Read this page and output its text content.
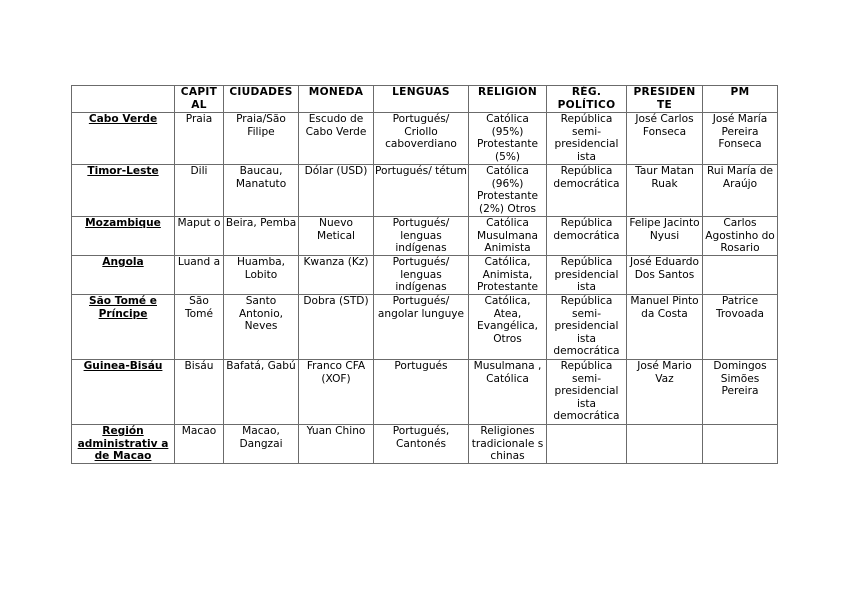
	CAPIT AL	CIUDADES	MONEDA	LENGUAS	RELIGIÓN	RÉG. POLÍTICO	PRESIDEN TE	PM
Cabo Verde	Praia	Praia/São Filipe	Escudo de Cabo Verde	Portugués/ Criollo caboverdiano	Católica (95%) Protestante (5%)	República semi-presidencial ista	José Carlos Fonseca	José María Pereira Fonseca
Timor-Leste	Dili	Baucau, Manatuto	Dólar (USD)	Portugués/ tétum	Católica (96%) Protestante (2%) Otros	República democrática	Taur Matan Ruak	Rui María de Araújo
Mozambique	Maput o	Beira, Pemba	Nuevo Metical	Portugués/ lenguas indígenas	Católica Musulmana Animista	República democrática	Felipe Jacinto Nyusi	Carlos Agostinho do Rosario
Angola	Luand a	Huamba, Lobito	Kwanza (Kz)	Portugués/ lenguas indígenas	Católica, Animista, Protestante	República presidencial ista	José Eduardo Dos Santos	
São Tomé e Príncipe	São Tomé	Santo Antonio, Neves	Dobra (STD)	Portugués/ angolar lunguye	Católica, Atea, Evangélica, Otros	República semi-presidencial ista democrática	Manuel Pinto da Costa	Patrice Trovoada
Guinea-Bisáu	Bisáu	Bafatá, Gabú	Franco CFA (XOF)	Portugués	Musulmana , Católica	República semi-presidencial ista democrática	José Mario Vaz	Domingos Simões Pereira
Región administrativ a de Macao	Macao	Macao, Dangzai	Yuan Chino	Portugués, Cantonés	Religiones tradicionale s chinas			
